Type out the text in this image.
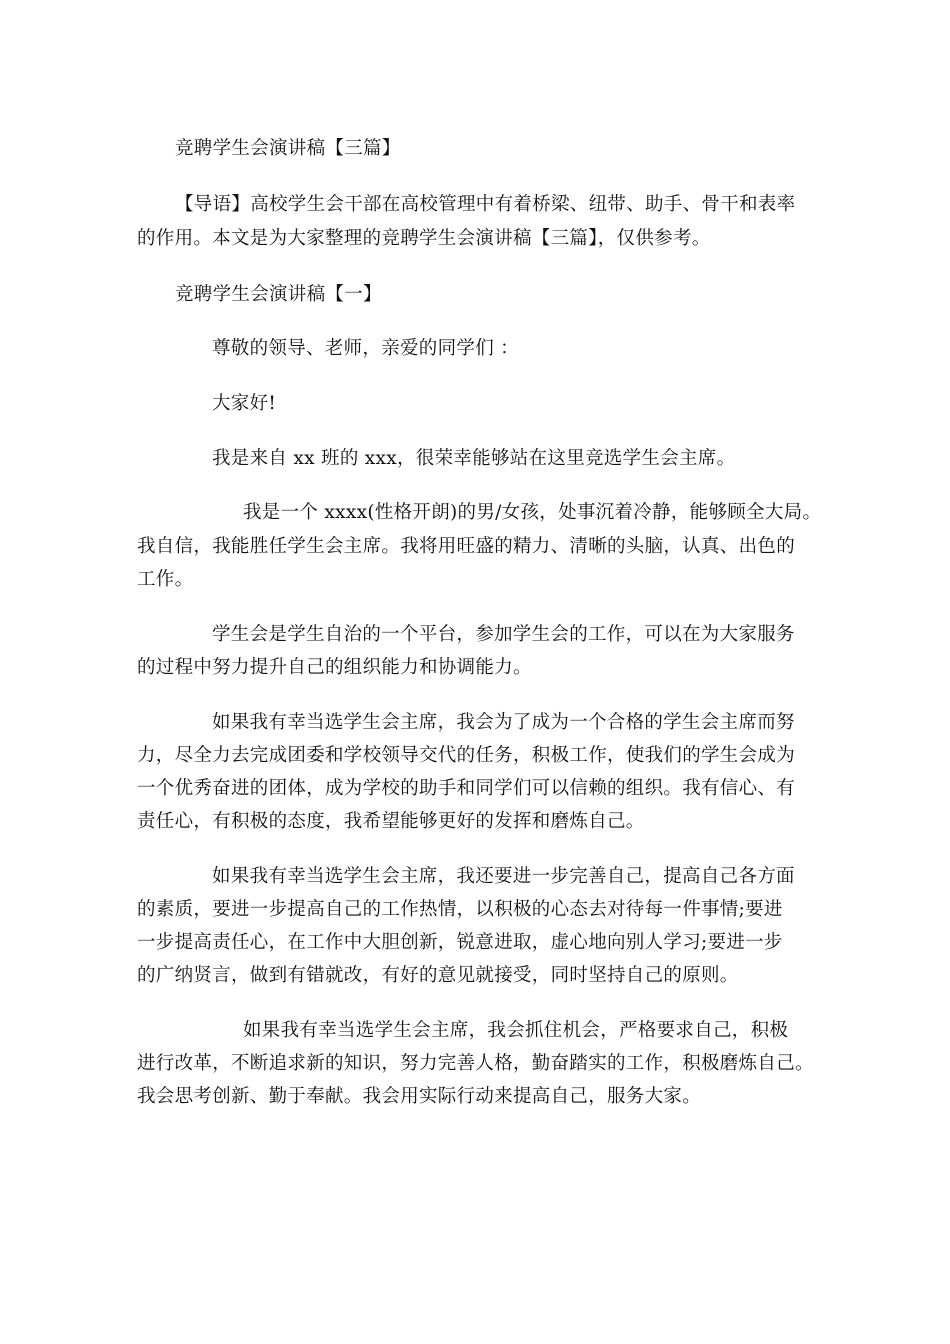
竞聘学生会演讲稿【三篇】
【导语】高校学生会干部在高校管理中有着桥梁、纽带、助手、骨干和表率
的作用。本文是为大家整理的竞聘学生会演讲稿【三篇】，仅供参考。
竞聘学生会演讲稿【一】
尊敬的领导、老师，亲爱的同学们 ：
大家好!
我是来自 xx 班的 xxx，很荣幸能够站在这里竞选学生会主席。
我是一个 xxxx(性格开朗)的男/女孩，处事沉着冷静，能够顾全大局。
我自信，我能胜任学生会主席。我将用旺盛的精力、清晰的头脑，认真、出色的
工作。
学生会是学生自治的一个平台，参加学生会的工作，可以在为大家服务
的过程中努力提升自己的组织能力和协调能力。
如果我有幸当选学生会主席，我会为了成为一个合格的学生会主席而努
力，尽全力去完成团委和学校领导交代的任务，积极工作，使我们的学生会成为
一个优秀奋进的团体，成为学校的助手和同学们可以信赖的组织。我有信心、有
责任心，有积极的态度，我希望能够更好的发挥和磨炼自己。
如果我有幸当选学生会主席，我还要进一步完善自己，提高自己各方面
的素质，要进一步提高自己的工作热情，以积极的心态去对待每一件事情;要进
一步提高责任心，在工作中大胆创新，锐意进取，虚心地向别人学习;要进一步
的广纳贤言，做到有错就改，有好的意见就接受，同时坚持自己的原则。
如果我有幸当选学生会主席，我会抓住机会，严格要求自己，积极
进行改革，不断追求新的知识，努力完善人格，勤奋踏实的工作，积极磨炼自己。
我会思考创新、勤于奉献。我会用实际行动来提高自己，服务大家。
